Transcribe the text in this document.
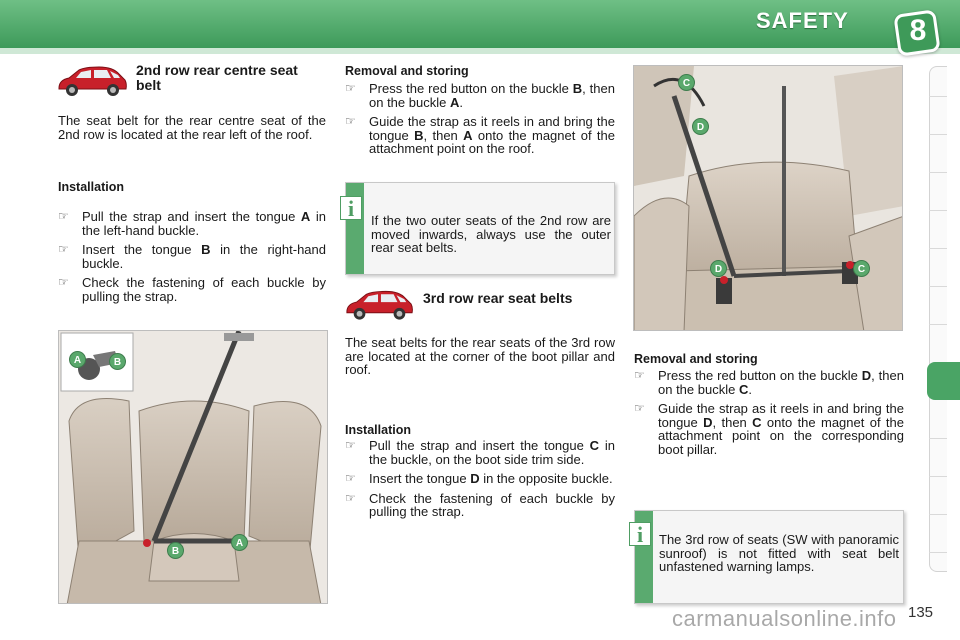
SAFETY 8
2nd row rear centre seat belt
The seat belt for the rear centre seat of the 2nd row is located at the rear left of the roof.
Installation
☞ Pull the strap and insert the tongue A in the left-hand buckle.
☞ Insert the tongue B in the right-hand buckle.
☞ Check the fastening of each buckle by pulling the strap.
A	B
B
A
Removal and storing
☞ Press the red button on the buckle B, then on the buckle A.
☞ Guide the strap as it reels in and bring the tongue B, then A onto the magnet of the attachment point on the roof.
If the two outer seats of the 2nd row are moved inwards, always use the outer rear seat belts.
i
3rd row rear seat belts
The seat belts for the rear seats of the 3rd row are located at the corner of the boot pillar and roof.
Installation
☞ Pull the strap and insert the tongue C in the buckle, on the boot side trim side.
☞ Insert the tongue D in the opposite buckle.
☞ Check the fastening of each buckle by pulling the strap.
C
D
D	C
Removal and storing
☞ Press the red button on the buckle D, then on the buckle C.
☞ Guide the strap as it reels in and bring the tongue D, then C onto the magnet of the attachment point on the corresponding boot pillar.
The 3rd row of seats (SW with panoramic sunroof) is not fitted with seat belt unfastened warning lamps.
i
135
carmanualsonline.info
